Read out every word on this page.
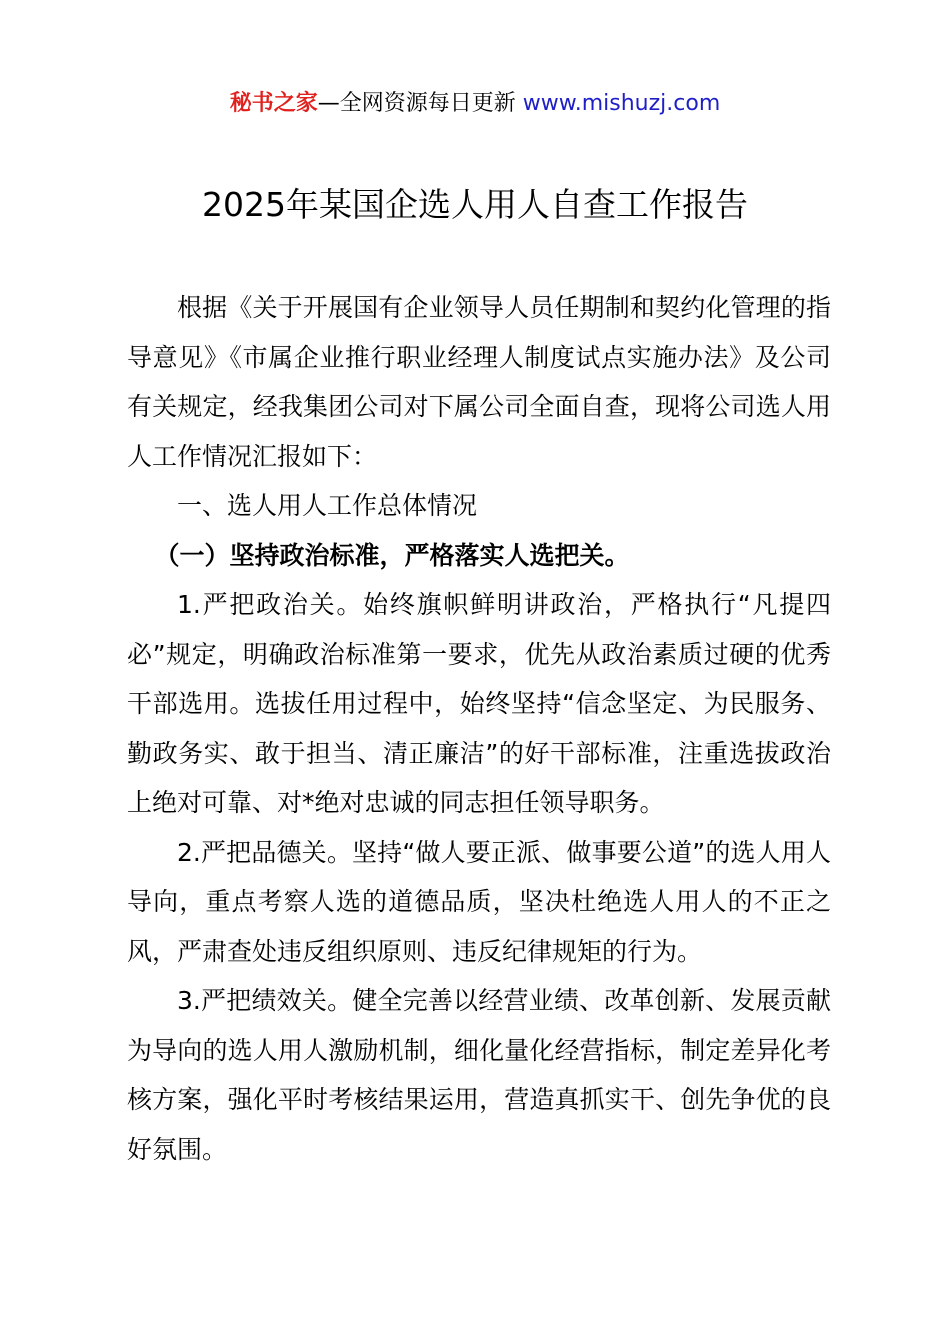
秘书之家—全网资源每日更新 www.mishuzj.com
2025年某国企选人用人自查工作报告

根据《关于开展国有企业领导人员任期制和契约化管理的指导意见》《市属企业推行职业经理人制度试点实施办法》及公司有关规定，经我集团公司对下属公司全面自查，现将公司选人用人工作情况汇报如下：

一、选人用人工作总体情况

（一）坚持政治标准，严格落实人选把关。

1.严把政治关。始终旗帜鲜明讲政治，严格执行“凡提四必”规定，明确政治标准第一要求，优先从政治素质过硬的优秀干部选用。选拔任用过程中，始终坚持“信念坚定、为民服务、勤政务实、敢于担当、清正廉洁”的好干部标准，注重选拔政治上绝对可靠、对*绝对忠诚的同志担任领导职务。

2.严把品德关。坚持“做人要正派、做事要公道”的选人用人导向，重点考察人选的道德品质，坚决杜绝选人用人的不正之风，严肃查处违反组织原则、违反纪律规矩的行为。

3.严把绩效关。健全完善以经营业绩、改革创新、发展贡献为导向的选人用人激励机制，细化量化经营指标，制定差异化考核方案，强化平时考核结果运用，营造真抓实干、创先争优的良好氛围。
